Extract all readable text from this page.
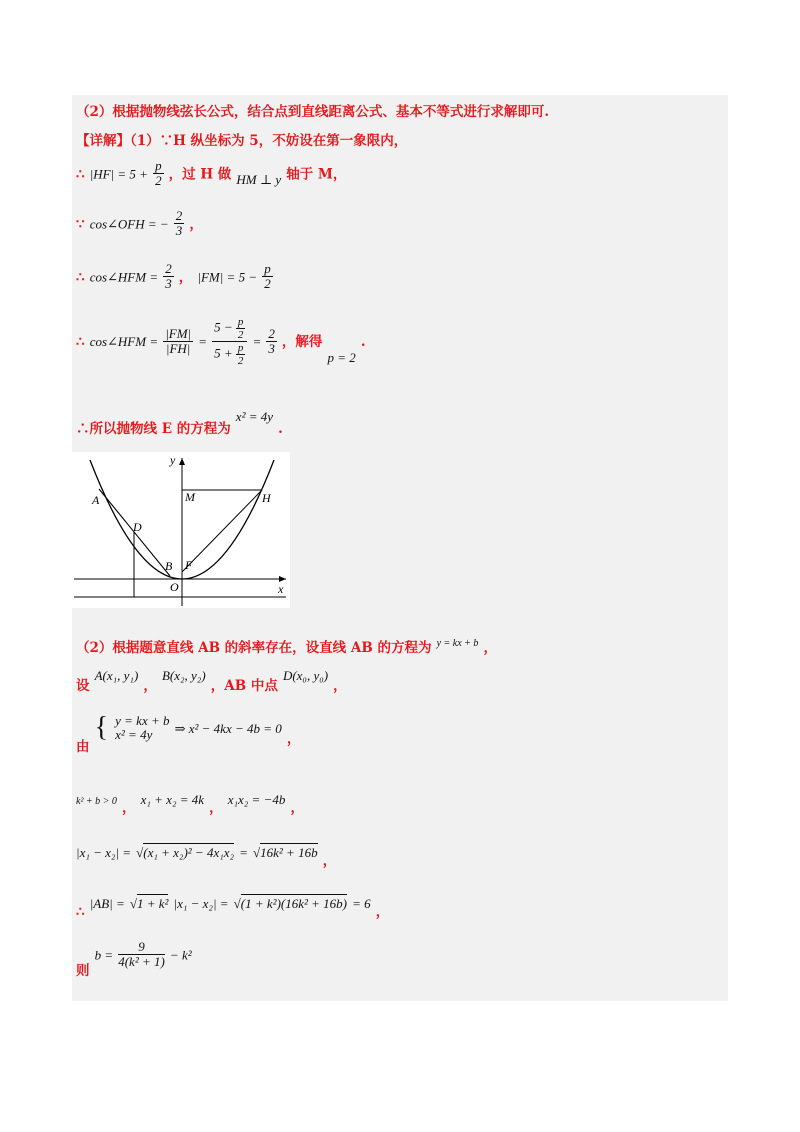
（2）根据抛物线弦长公式，结合点到直线距离公式、基本不等式进行求解即可.
【详解】（1）∵H 纵坐标为 5，不妨设在第一象限内，
∴ $|HF| = 5 + \frac{p}{2}$ ，过 H 做 $_{HM \perp y}$ 轴于 M，
∵ cos∠OFH = − $\frac{2}{3}$ ，
∴ cos∠HFM = $\frac{2}{3}$ ， $|FM| = 5 - \frac{p}{2}$
∴ cos∠HFM = $\frac{|FM|}{|FH|} = \frac{5 - \frac{p}{2}}{5 + \frac{p}{2}} = \frac{2}{3}$ ，解得 $_{p = 2}$ .
$_{\therefore 所以抛物线 E 的方程为}$ x² = 4y $_.$
y
x
A	M	H
D
B F
O
$_{(2)根据题意直线 AB 的斜率存在,设直线 AB 的方程为}$ y = kx + b $_,$
$_设$ A(x₁, y₁) $_,$ B(x₂, y₂) $_{,AB 中点}$ D(x₀, y₀) $_,$
$_由$ { y = kx + b
x² = 4y	⇒ x² − 4kx − 4b = 0 $_,$
k² + b > 0 $_,$ x₁ + x₂ = 4k $_,$ x₁x₂ = −4b $_,$
|x₁ − x₂| = √(x₁ + x₂)² − 4x₁x₂ = √16k² + 16b $_,$
$_\therefore$ |AB| = √1 + k² |x₁ − x₂| = √(1 + k²)(16k² + 16b) = 6 $_,$
$_则$ $b = \frac{9}{\text{4(k² + 1)}} - k^2$
